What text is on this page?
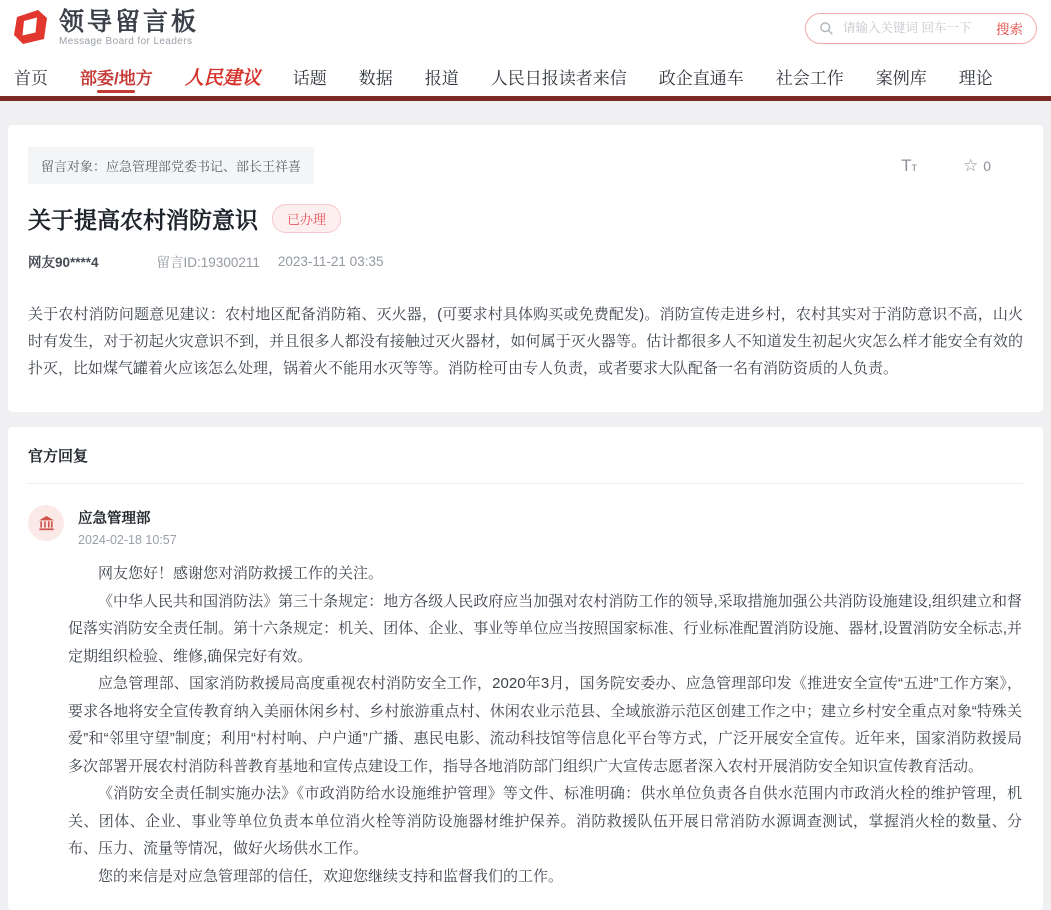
领导留言板
Message Board for Leaders
请输入关键词 回车一下
搜索
首页 部委/地方 人民建议 话题 数据 报道 人民日报读者来信 政企直通车 社会工作 案例库 理论
留言对象：应急管理部党委书记、部长王祥喜	Tт	☆ 0
关于提高农村消防意识	已办理
网友90****4	留言ID:19300211 2023-11-21 03:35
关于农村消防问题意见建议：农村地区配备消防箱、灭火器，(可要求村具体购买或免费配发)。消防宣传走进乡村，农村其实对于消防意识不高，山火时有发生，对于初起火灾意识不到，并且很多人都没有接触过灭火器材，如何属于灭火器等。估计都很多人不知道发生初起火灾怎么样才能安全有效的扑灭，比如煤气罐着火应该怎么处理，锅着火不能用水灭等等。消防栓可由专人负责，或者要求大队配备一名有消防资质的人负责。
官方回复
应急管理部
2024-02-18 10:57

网友您好！感谢您对消防救援工作的关注。

《中华人民共和国消防法》第三十条规定：地方各级人民政府应当加强对农村消防工作的领导,采取措施加强公共消防设施建设,组织建立和督促落实消防安全责任制。第十六条规定：机关、团体、企业、事业等单位应当按照国家标准、行业标准配置消防设施、器材,设置消防安全标志,并定期组织检验、维修,确保完好有效。

应急管理部、国家消防救援局高度重视农村消防安全工作，2020年3月，国务院安委办、应急管理部印发《推进安全宣传“五进”工作方案》，要求各地将安全宣传教育纳入美丽休闲乡村、乡村旅游重点村、休闲农业示范县、全域旅游示范区创建工作之中；建立乡村安全重点对象“特殊关爱”和“邻里守望”制度；利用“村村响、户户通”广播、惠民电影、流动科技馆等信息化平台等方式，广泛开展安全宣传。近年来，国家消防救援局多次部署开展农村消防科普教育基地和宣传点建设工作，指导各地消防部门组织广大宣传志愿者深入农村开展消防安全知识宣传教育活动。

《消防安全责任制实施办法》《市政消防给水设施维护管理》等文件、标准明确：供水单位负责各自供水范围内市政消火栓的维护管理，机关、团体、企业、事业等单位负责本单位消火栓等消防设施器材维护保养。消防救援队伍开展日常消防水源调查测试，掌握消火栓的数量、分布、压力、流量等情况，做好火场供水工作。

您的来信是对应急管理部的信任，欢迎您继续支持和监督我们的工作。
